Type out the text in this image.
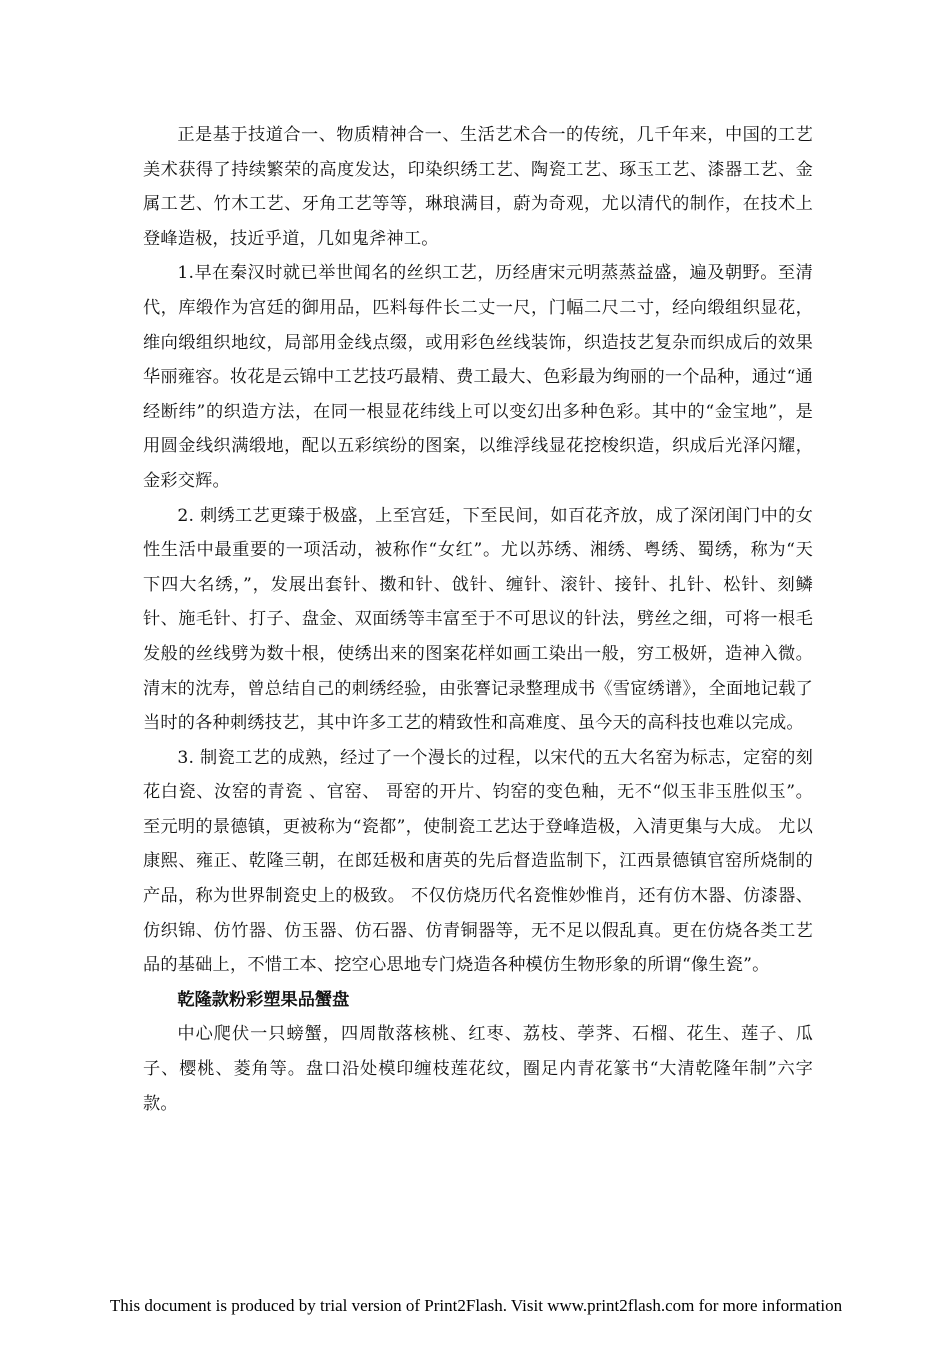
正是基于技道合一、物质精神合一、生活艺术合一的传统，几千年来，中国的工艺美术获得了持续繁荣的高度发达，印染织绣工艺、陶瓷工艺、琢玉工艺、漆器工艺、金属工艺、竹木工艺、牙角工艺等等，琳琅满目，蔚为奇观，尤以清代的制作，在技术上登峰造极，技近乎道，几如鬼斧神工。

1.早在秦汉时就已举世闻名的丝织工艺，历经唐宋元明蒸蒸益盛，遍及朝野。至清代，库缎作为宫廷的御用品，匹料每件长二丈一尺，门幅二尺二寸，经向缎组织显花，维向缎组织地纹，局部用金线点缀，或用彩色丝线装饰，织造技艺复杂而织成后的效果华丽雍容。妆花是云锦中工艺技巧最精、费工最大、色彩最为绚丽的一个品种，通过“通经断纬”的织造方法，在同一根显花纬线上可以变幻出多种色彩。其中的“金宝地”，是用圆金线织满缎地，配以五彩缤纷的图案，以维浮线显花挖梭织造，织成后光泽闪耀，金彩交辉。

2. 刺绣工艺更臻于极盛，上至宫廷，下至民间，如百花齐放，成了深闭闺门中的女性生活中最重要的一项活动，被称作“女红”。尤以苏绣、湘绣、粤绣、蜀绣，称为“天下四大名绣，”，发展出套针、擞和针、戗针、缠针、滚针、接针、扎针、松针、刻鳞针、施毛针、打子、盘金、双面绣等丰富至于不可思议的针法，劈丝之细，可将一根毛发般的丝线劈为数十根，使绣出来的图案花样如画工染出一般，穷工极妍，造神入微。清末的沈寿，曾总结自己的刺绣经验，由张謇记录整理成书《雪宧绣谱》，全面地记载了当时的各种刺绣技艺，其中许多工艺的精致性和高难度、虽今天的高科技也难以完成。

3. 制瓷工艺的成熟，经过了一个漫长的过程，以宋代的五大名窑为标志，定窑的刻花白瓷、汝窑的青瓷 、官窑、 哥窑的开片、钧窑的变色釉，无不“似玉非玉胜似玉”。至元明的景德镇，更被称为“瓷都”，使制瓷工艺达于登峰造极，入清更集与大成。 尤以康熙、雍正、乾隆三朝，在郎廷极和唐英的先后督造监制下，江西景德镇官窑所烧制的产品，称为世界制瓷史上的极致。 不仅仿烧历代名瓷惟妙惟肖，还有仿木器、仿漆器、仿织锦、仿竹器、仿玉器、仿石器、仿青铜器等，无不足以假乱真。更在仿烧各类工艺品的基础上，不惜工本、挖空心思地专门烧造各种模仿生物形象的所谓“像生瓷”。

乾隆款粉彩塑果品蟹盘

中心爬伏一只螃蟹，四周散落核桃、红枣、荔枝、荸荠、石榴、花生、莲子、瓜子、樱桃、菱角等。盘口沿处模印缠枝莲花纹，圈足内青花篆书“大清乾隆年制”六字款。

This document is produced by trial version of Print2Flash. Visit www.print2flash.com for more information
